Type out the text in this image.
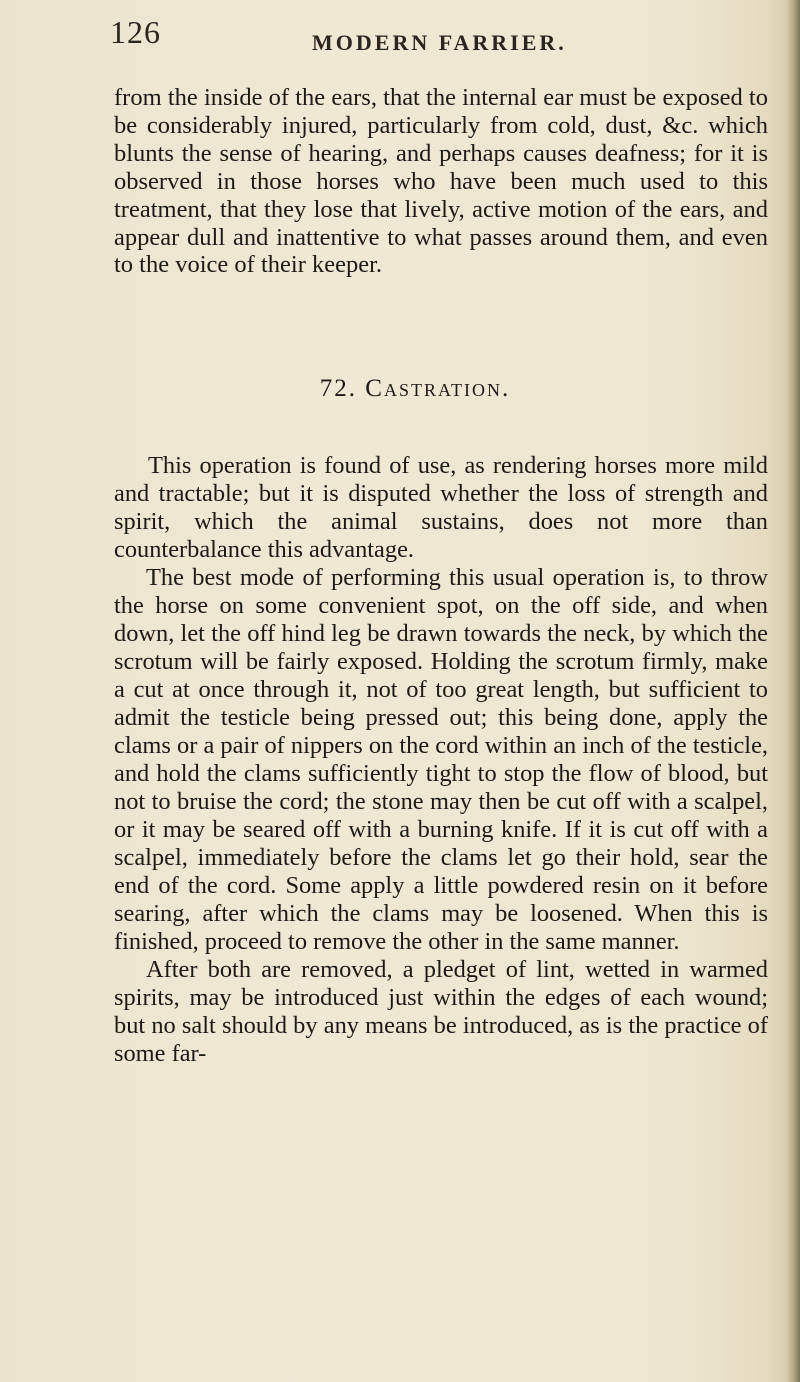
126	MODERN FARRIER.

from the inside of the ears, that the internal ear must be exposed to be considerably injured, particularly from cold, dust, &c. which blunts the sense of hearing, and perhaps causes deafness; for it is observed in those horses who have been much used to this treatment, that they lose that lively, active motion of the ears, and appear dull and inattentive to what passes around them, and even to the voice of their keeper.

72. Castration.

This operation is found of use, as rendering horses more mild and tractable; but it is disputed whether the loss of strength and spirit, which the animal sustains, does not more than counterbalance this advantage.

The best mode of performing this usual operation is, to throw the horse on some convenient spot, on the off side, and when down, let the off hind leg be drawn towards the neck, by which the scrotum will be fairly exposed. Holding the scrotum firmly, make a cut at once through it, not of too great length, but sufficient to admit the testicle being pressed out; this being done, apply the clams or a pair of nippers on the cord within an inch of the testicle, and hold the clams sufficiently tight to stop the flow of blood, but not to bruise the cord; the stone may then be cut off with a scalpel, or it may be seared off with a burning knife. If it is cut off with a scalpel, immediately before the clams let go their hold, sear the end of the cord. Some apply a little powdered resin on it before searing, after which the clams may be loosened. When this is finished, proceed to remove the other in the same manner.

After both are removed, a pledget of lint, wetted in warmed spirits, may be introduced just within the edges of each wound; but no salt should by any means be introduced, as is the practice of some far-
